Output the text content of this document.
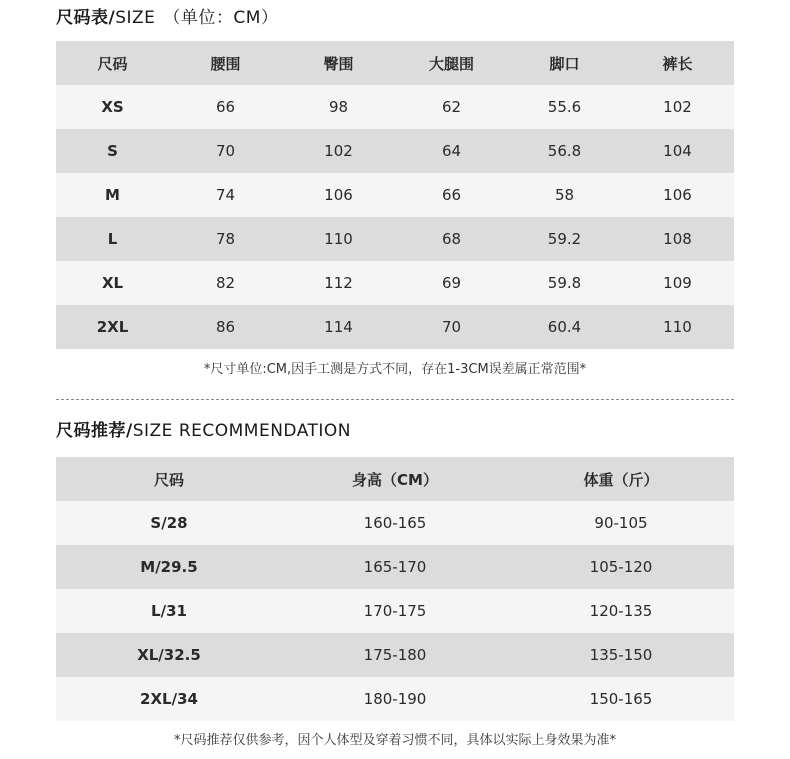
尺码表/SIZE （单位：CM）
尺码	腰围	臀围	大腿围	脚口	裤长
XS	66	98	62	55.6	102
S	70	102	64	56.8	104
M	74	106	66	58	106
L	78	110	68	59.2	108
XL	82	112	69	59.8	109
2XL	86	114	70	60.4	110
*尺寸单位:CM,因手工测是方式不同，存在1-3CM误差属正常范围*
尺码推荐/SIZE RECOMMENDATION
尺码	身高（CM）	体重（斤）
S/28	160-165	90-105
M/29.5	165-170	105-120
L/31	170-175	120-135
XL/32.5	175-180	135-150
2XL/34	180-190	150-165
*尺码推荐仅供参考，因个人体型及穿着习惯不同，具体以实际上身效果为准*
